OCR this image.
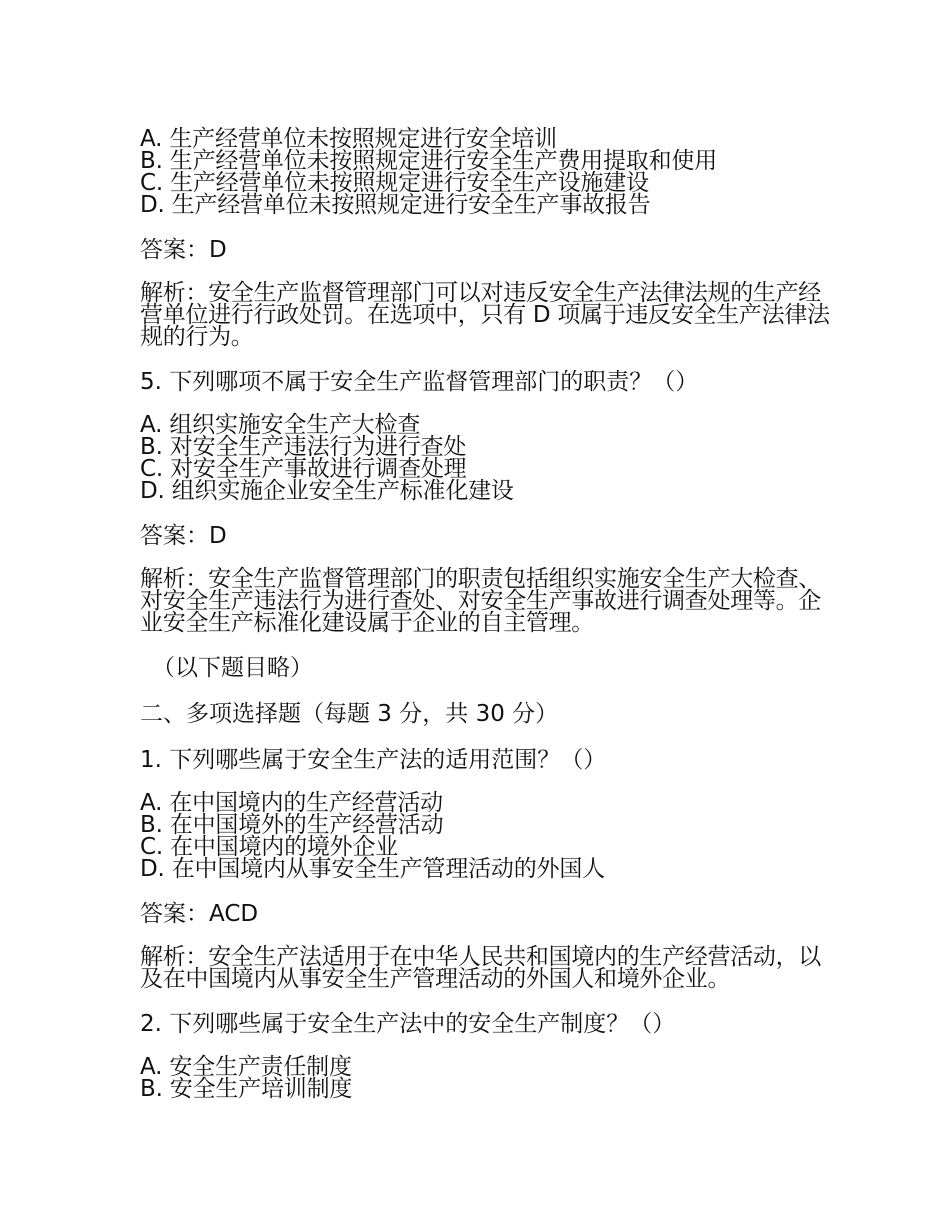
A. 生产经营单位未按照规定进行安全培训
B. 生产经营单位未按照规定进行安全生产费用提取和使用
C. 生产经营单位未按照规定进行安全生产设施建设
D. 生产经营单位未按照规定进行安全生产事故报告
答案：D
解析：安全生产监督管理部门可以对违反安全生产法律法规的生产经营单位进行行政处罚。在选项中，只有 D 项属于违反安全生产法律法规的行为。
5. 下列哪项不属于安全生产监督管理部门的职责？（）
A. 组织实施安全生产大检查
B. 对安全生产违法行为进行查处
C. 对安全生产事故进行调查处理
D. 组织实施企业安全生产标准化建设
答案：D
解析：安全生产监督管理部门的职责包括组织实施安全生产大检查、对安全生产违法行为进行查处、对安全生产事故进行调查处理等。企业安全生产标准化建设属于企业的自主管理。
（以下题目略）
二、多项选择题（每题 3 分，共 30 分）
1. 下列哪些属于安全生产法的适用范围？（）
A. 在中国境内的生产经营活动
B. 在中国境外的生产经营活动
C. 在中国境内的境外企业
D. 在中国境内从事安全生产管理活动的外国人
答案：ACD
解析：安全生产法适用于在中华人民共和国境内的生产经营活动，以及在中国境内从事安全生产管理活动的外国人和境外企业。
2. 下列哪些属于安全生产法中的安全生产制度？（）
A. 安全生产责任制度
B. 安全生产培训制度
